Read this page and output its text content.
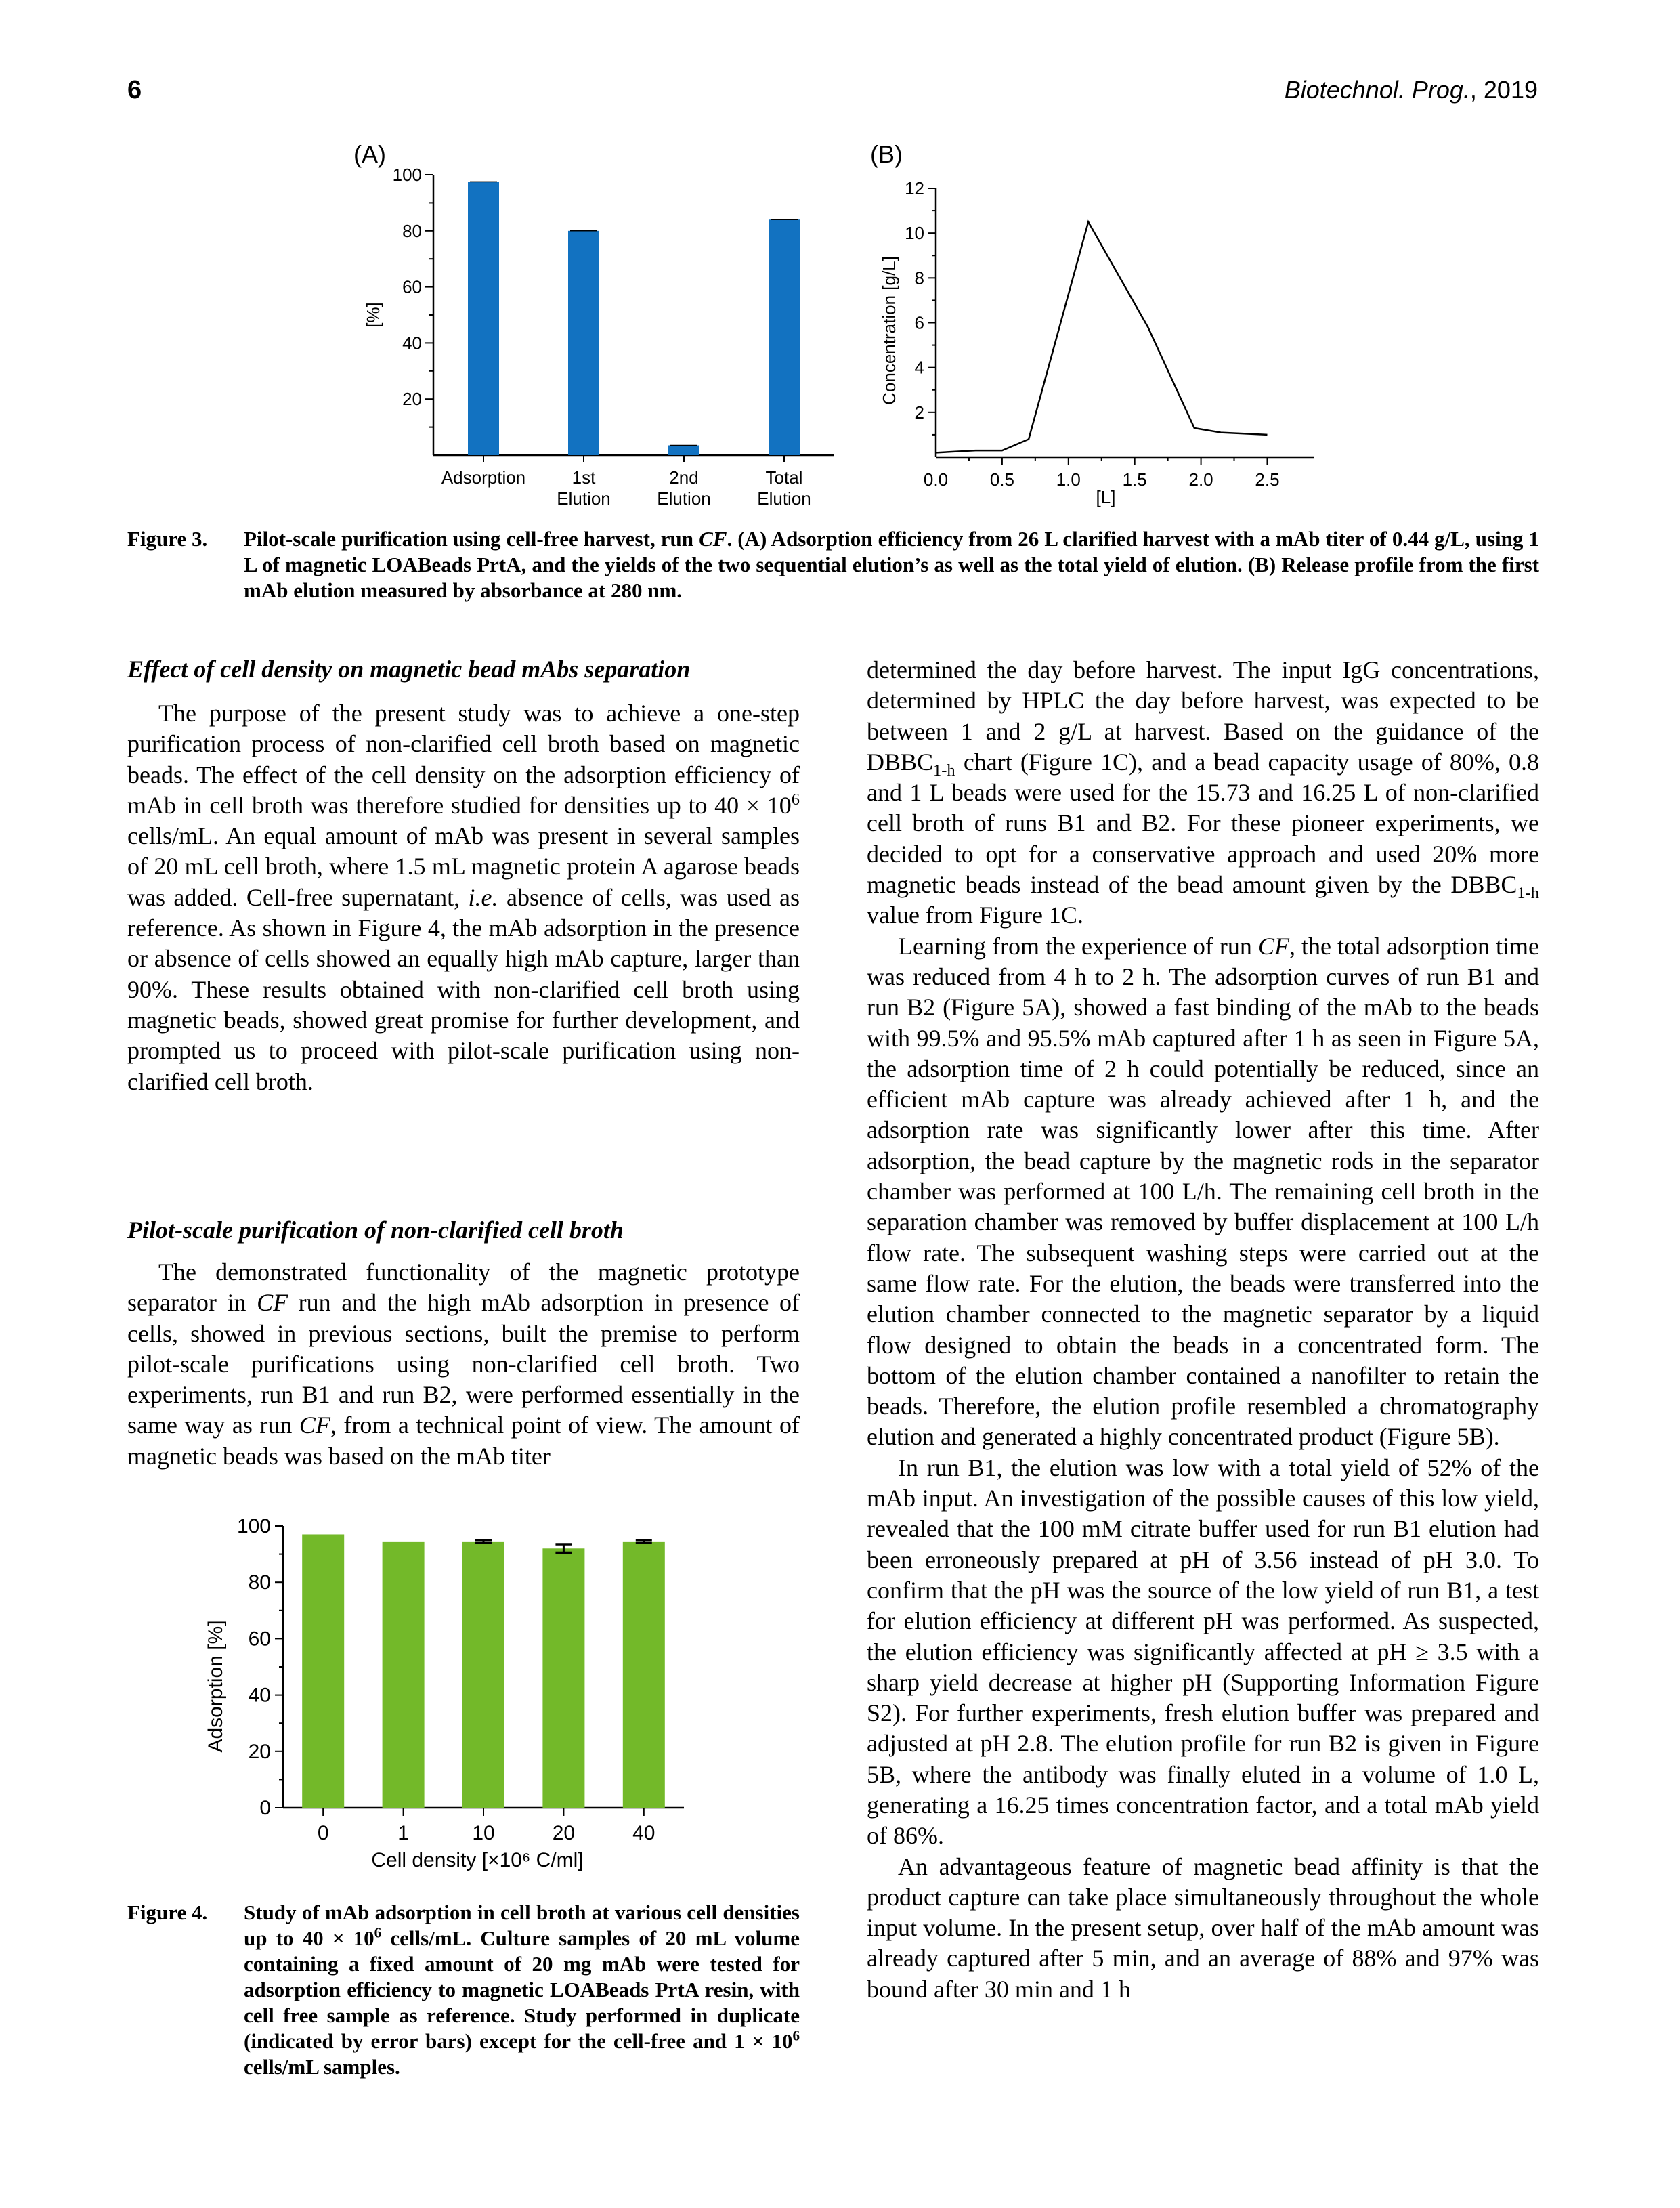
6	Biotechnol. Prog., 2019
(A)
[%]
20
40
60
80
100
Adsorption	1st
Elution
2nd
Elution
Total
Elution
(B)
Concentration [g/L]
2
4
6
8
10
12
0.0 0.5 1.0 1.5 2.0 2.5
[L]
Figure 3. Pilot-scale purification using cell-free harvest, run CF. (A) Adsorption efficiency from 26 L clarified harvest with a mAb titer of 0.44 g/L, using 1 L of magnetic LOABeads PrtA, and the yields of the two sequential elution’s as well as the total yield of elution. (B) Release profile from the first mAb elution measured by absorbance at 280 nm.
Effect of cell density on magnetic bead mAbs separation
The purpose of the present study was to achieve a one-step purification process of non-clarified cell broth based on magnetic beads. The effect of the cell density on the adsorption efficiency of mAb in cell broth was therefore studied for densities up to $40 \times 10^6$ cells/mL. An equal amount of mAb was present in several samples of 20 mL cell broth, where 1.5 mL magnetic protein A agarose beads was added. Cell-free supernatant, i.e. absence of cells, was used as reference. As shown in Figure 4, the mAb adsorption in the presence or absence of cells showed an equally high mAb capture, larger than 90%. These results obtained with non-clarified cell broth using magnetic beads, showed great promise for further development, and prompted us to proceed with pilot-scale purification using non-clarified cell broth.
Pilot-scale purification of non-clarified cell broth
The demonstrated functionality of the magnetic prototype separator in CF run and the high mAb adsorption in presence of cells, showed in previous sections, built the premise to perform pilot-scale purifications using non-clarified cell broth. Two experiments, run B1 and run B2, were performed essentially in the same way as run CF, from a technical point of view. The amount of magnetic beads was based on the mAb titer
Adsorption [%]
0
20
40
60
80
100
0	1	10	20	40
Cell density [×10⁶ C/ml]
Figure 4. Study of mAb adsorption in cell broth at various cell densities up to $40 \times 10^6$ cells/mL. Culture samples of 20 mL volume containing a fixed amount of 20 mg mAb were tested for adsorption efficiency to magnetic LOABeads PrtA resin, with cell free sample as reference. Study performed in duplicate (indicated by error bars) except for the cell-free and $1 \times 10^6$ cells/mL samples.
determined the day before harvest. The input IgG concentrations, determined by HPLC the day before harvest, was expected to be between 1 and 2 g/L at harvest. Based on the guidance of the $DBBC_{1-h}$ chart (Figure 1C), and a bead capacity usage of 80%, 0.8 and 1 L beads were used for the 15.73 and 16.25 L of non-clarified cell broth of runs B1 and B2. For these pioneer experiments, we decided to opt for a conservative approach and used 20% more magnetic beads instead of the bead amount given by the $DBBC_{1-h}$ value from Figure 1C.
Learning from the experience of run CF, the total adsorption time was reduced from 4 h to 2 h. The adsorption curves of run B1 and run B2 (Figure 5A), showed a fast binding of the mAb to the beads with 99.5% and 95.5% mAb captured after 1 h as seen in Figure 5A, the adsorption time of 2 h could potentially be reduced, since an efficient mAb capture was already achieved after 1 h, and the adsorption rate was significantly lower after this time. After adsorption, the bead capture by the magnetic rods in the separator chamber was performed at 100 L/h. The remaining cell broth in the separation chamber was removed by buffer displacement at 100 L/h flow rate. The subsequent washing steps were carried out at the same flow rate. For the elution, the beads were transferred into the elution chamber connected to the magnetic separator by a liquid flow designed to obtain the beads in a concentrated form. The bottom of the elution chamber contained a nanofilter to retain the beads. Therefore, the elution profile resembled a chromatography elution and generated a highly concentrated product (Figure 5B).
In run B1, the elution was low with a total yield of 52% of the mAb input. An investigation of the possible causes of this low yield, revealed that the 100 mM citrate buffer used for run B1 elution had been erroneously prepared at pH of 3.56 instead of pH 3.0. To confirm that the pH was the source of the low yield of run B1, a test for elution efficiency at different pH was performed. As suspected, the elution efficiency was significantly affected at pH ≥ 3.5 with a sharp yield decrease at higher pH (Supporting Information Figure S2). For further experiments, fresh elution buffer was prepared and adjusted at pH 2.8. The elution profile for run B2 is given in Figure 5B, where the antibody was finally eluted in a volume of 1.0 L, generating a 16.25 times concentration factor, and a total mAb yield of 86%.
An advantageous feature of magnetic bead affinity is that the product capture can take place simultaneously throughout the whole input volume. In the present setup, over half of the mAb amount was already captured after 5 min, and an average of 88% and 97% was bound after 30 min and 1 h
